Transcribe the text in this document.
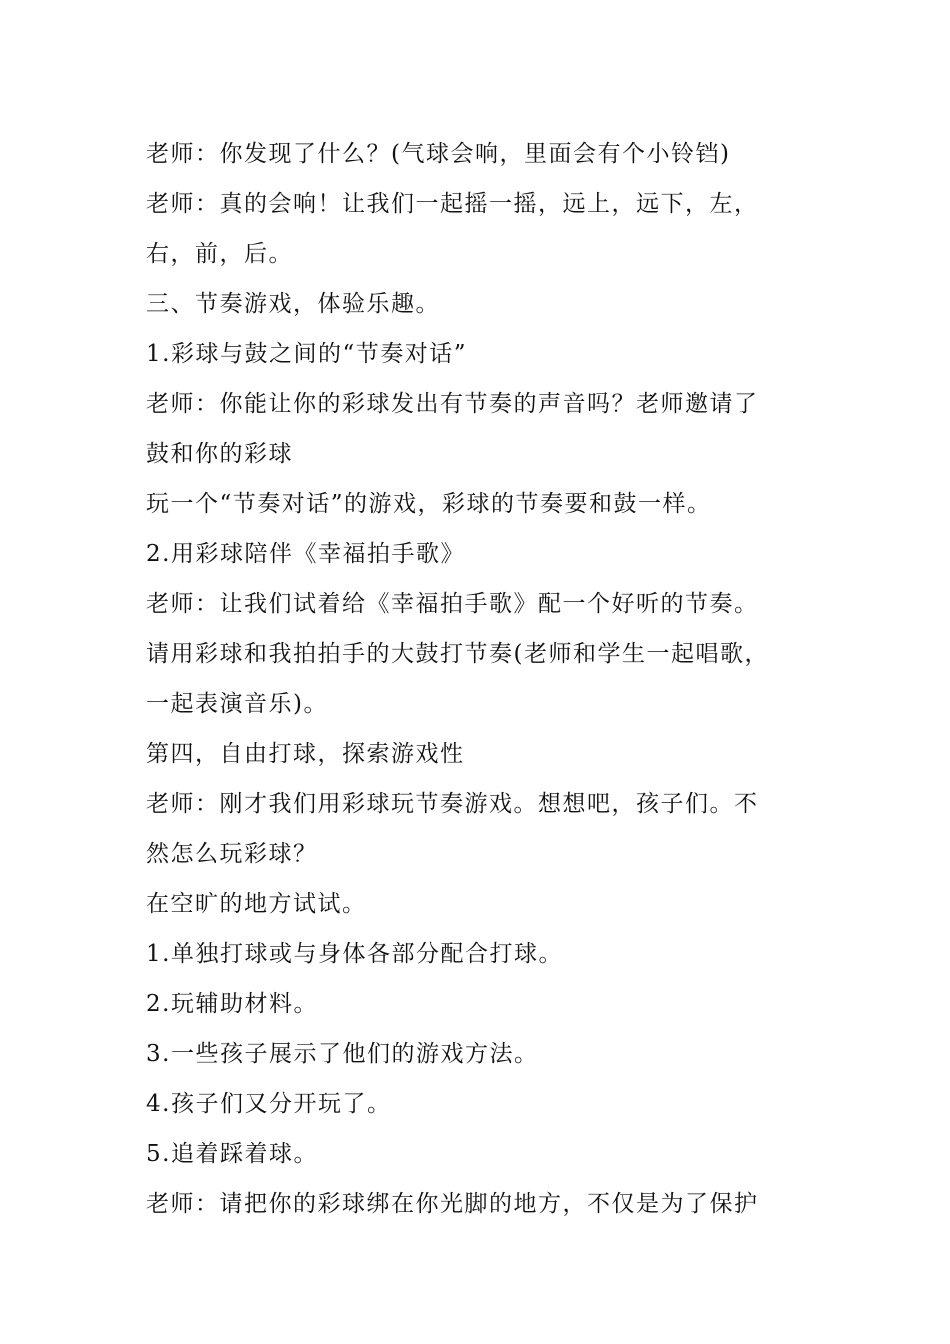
老师：你发现了什么？(气球会响，里面会有个小铃铛)
老师：真的会响！让我们一起摇一摇，远上，远下，左，
右，前，后。
三、节奏游戏，体验乐趣。
1.彩球与鼓之间的“节奏对话”
老师：你能让你的彩球发出有节奏的声音吗？老师邀请了
鼓和你的彩球
玩一个“节奏对话”的游戏，彩球的节奏要和鼓一样。
2.用彩球陪伴《幸福拍手歌》
老师：让我们试着给《幸福拍手歌》配一个好听的节奏。
请用彩球和我拍拍手的大鼓打节奏(老师和学生一起唱歌，
一起表演音乐)。
第四，自由打球，探索游戏性
老师：刚才我们用彩球玩节奏游戏。想想吧，孩子们。不
然怎么玩彩球？
在空旷的地方试试。
1.单独打球或与身体各部分配合打球。
2.玩辅助材料。
3.一些孩子展示了他们的游戏方法。
4.孩子们又分开玩了。
5.追着踩着球。
老师：请把你的彩球绑在你光脚的地方，不仅是为了保护
